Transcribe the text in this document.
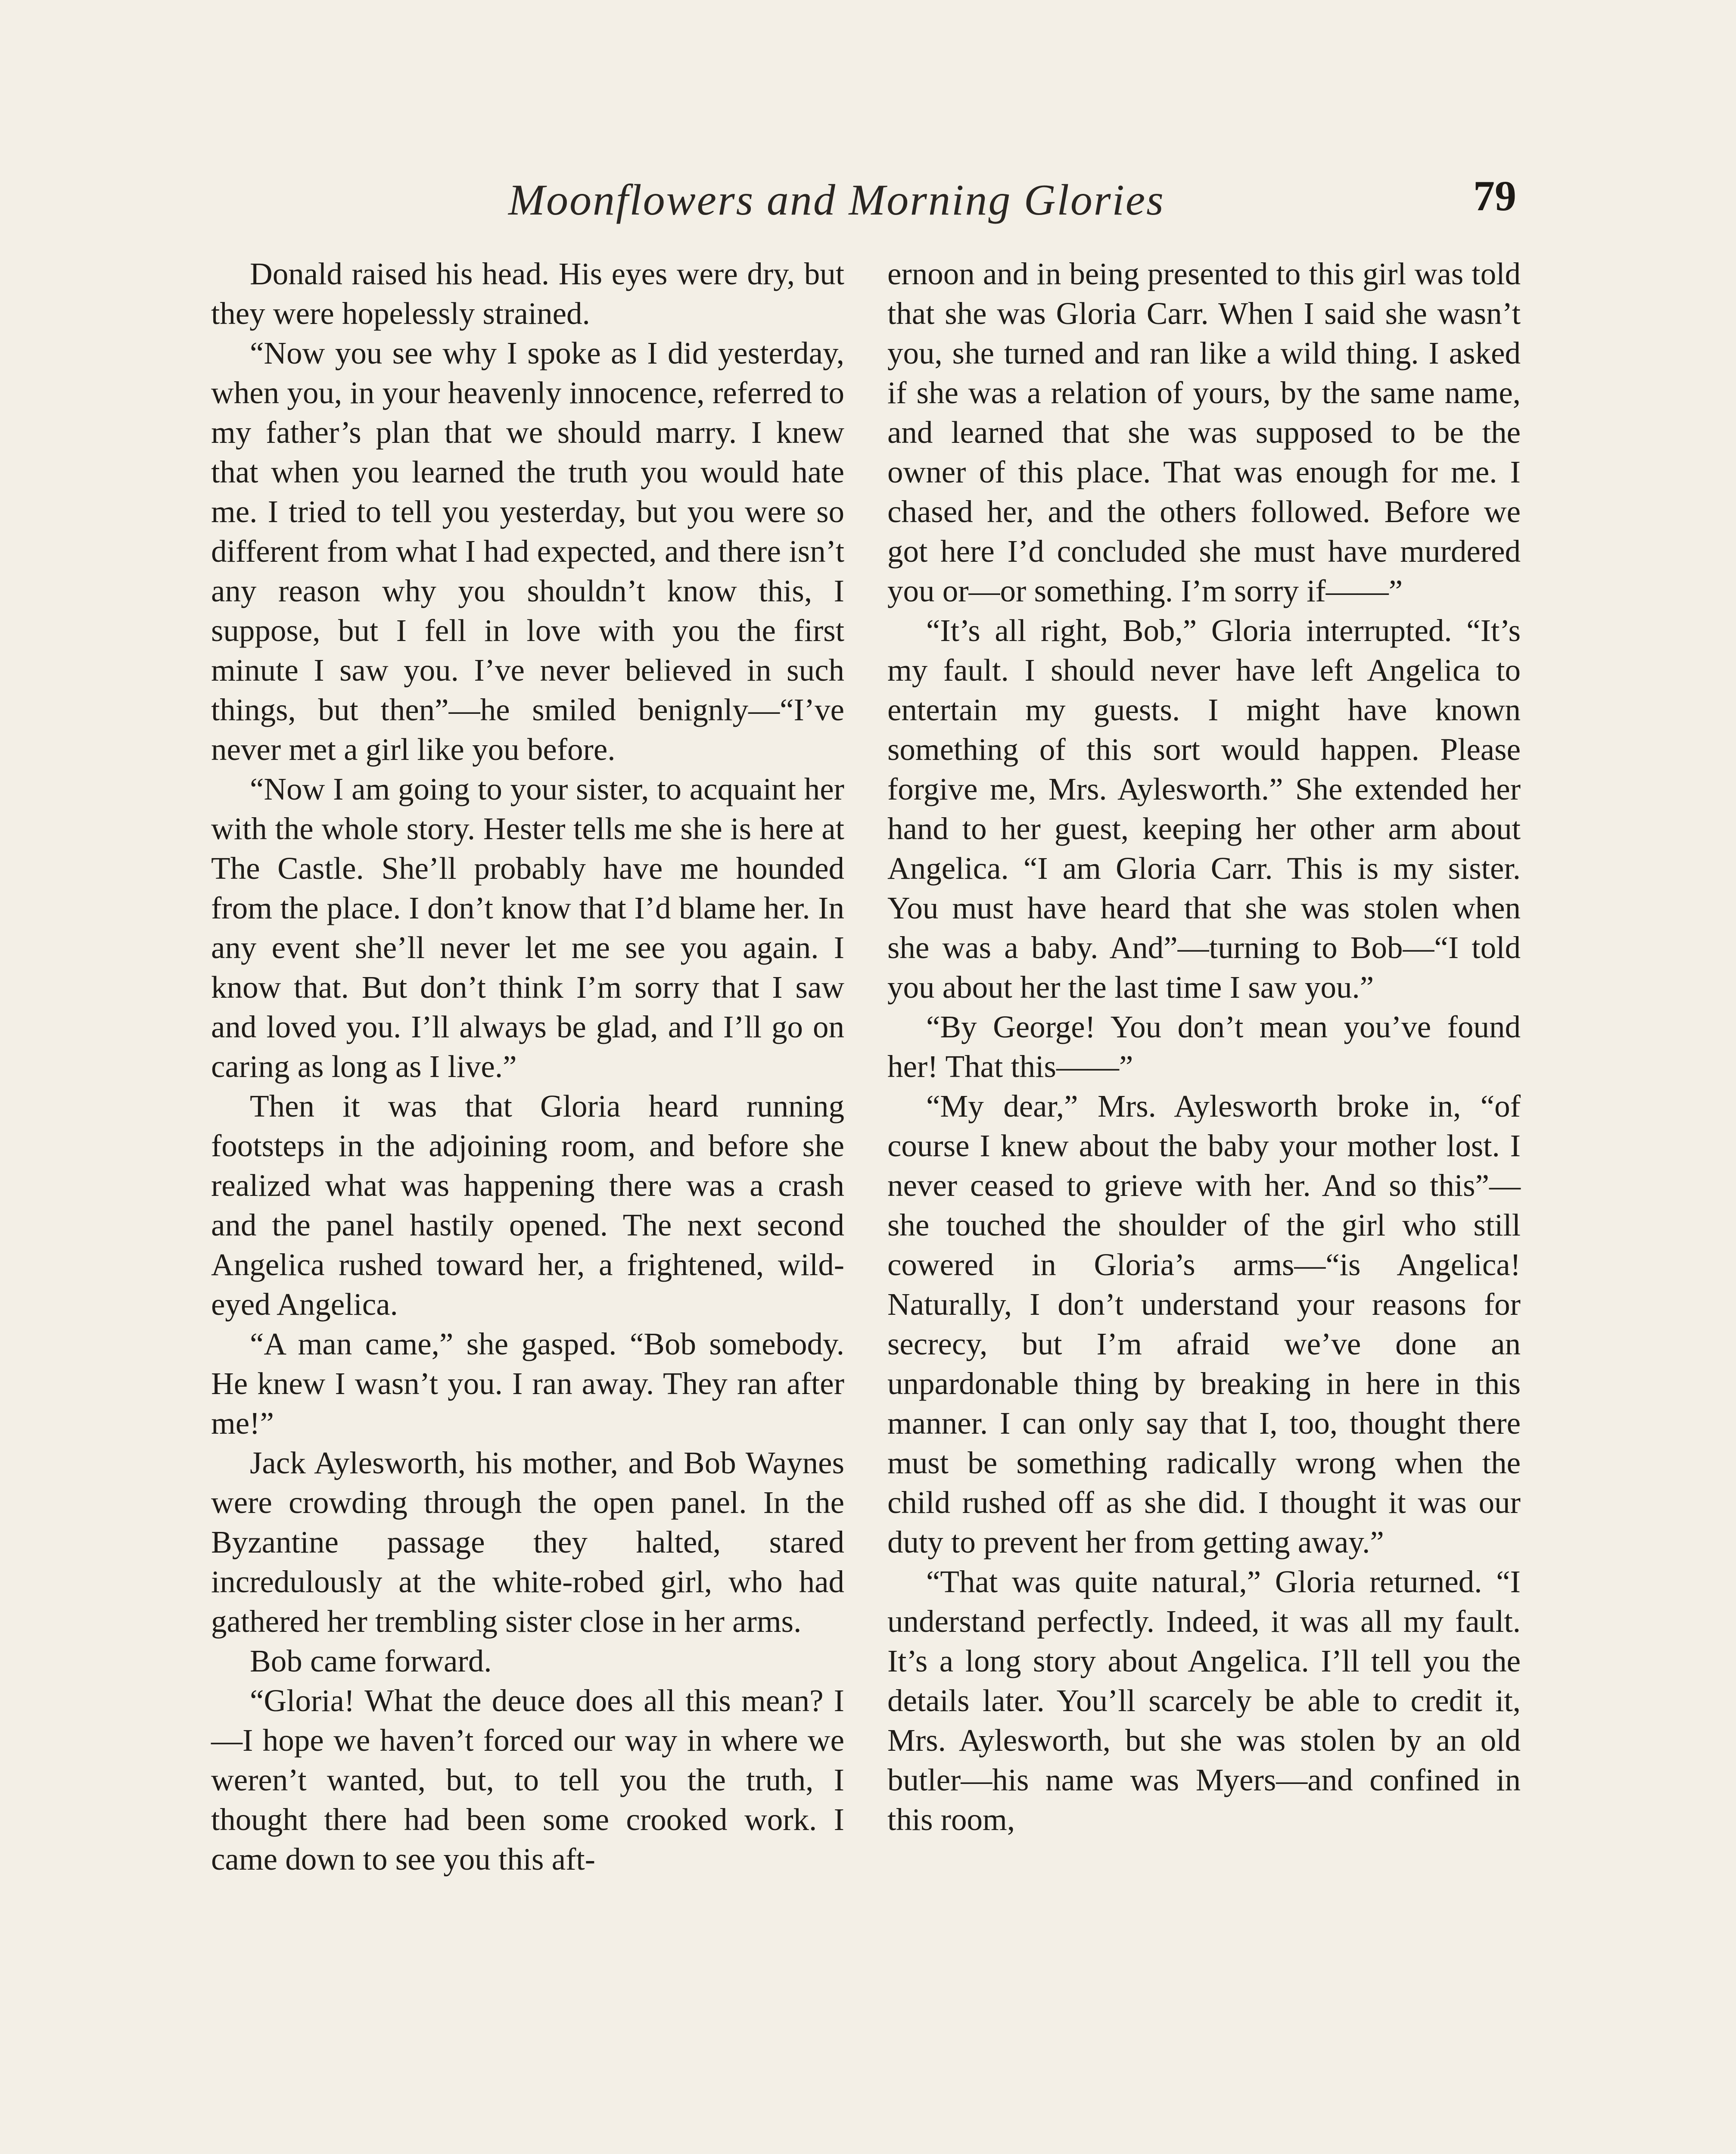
Moonflowers and Morning Glories	79

Donald raised his head. His eyes were dry, but they were hopelessly strained.

“Now you see why I spoke as I did yesterday, when you, in your heavenly innocence, referred to my father’s plan that we should marry. I knew that when you learned the truth you would hate me. I tried to tell you yesterday, but you were so different from what I had expected, and there isn’t any reason why you shouldn’t know this, I suppose, but I fell in love with you the first minute I saw you. I’ve never believed in such things, but then”—he smiled benignly—“I’ve never met a girl like you before.

“Now I am going to your sister, to acquaint her with the whole story. Hester tells me she is here at The Castle. She’ll probably have me hounded from the place. I don’t know that I’d blame her. In any event she’ll never let me see you again. I know that. But don’t think I’m sorry that I saw and loved you. I’ll always be glad, and I’ll go on caring as long as I live.”

Then it was that Gloria heard running footsteps in the adjoining room, and before she realized what was happening there was a crash and the panel hastily opened. The next second Angelica rushed toward her, a frightened, wild-eyed Angelica.

“A man came,” she gasped. “Bob somebody. He knew I wasn’t you. I ran away. They ran after me!”

Jack Aylesworth, his mother, and Bob Waynes were crowding through the open panel. In the Byzantine passage they halted, stared incredulously at the white-robed girl, who had gathered her trembling sister close in her arms.

Bob came forward.

“Gloria! What the deuce does all this mean? I—I hope we haven’t forced our way in where we weren’t wanted, but, to tell you the truth, I thought there had been some crooked work. I came down to see you this aft-

ernoon and in being presented to this girl was told that she was Gloria Carr. When I said she wasn’t you, she turned and ran like a wild thing. I asked if she was a relation of yours, by the same name, and learned that she was supposed to be the owner of this place. That was enough for me. I chased her, and the others followed. Before we got here I’d concluded she must have murdered you or—or something. I’m sorry if——”

“It’s all right, Bob,” Gloria interrupted. “It’s my fault. I should never have left Angelica to entertain my guests. I might have known something of this sort would happen. Please forgive me, Mrs. Aylesworth.” She extended her hand to her guest, keeping her other arm about Angelica. “I am Gloria Carr. This is my sister. You must have heard that she was stolen when she was a baby. And”—turning to Bob—“I told you about her the last time I saw you.”

“By George! You don’t mean you’ve found her! That this——”

“My dear,” Mrs. Aylesworth broke in, “of course I knew about the baby your mother lost. I never ceased to grieve with her. And so this”—she touched the shoulder of the girl who still cowered in Gloria’s arms—“is Angelica! Naturally, I don’t understand your reasons for secrecy, but I’m afraid we’ve done an unpardonable thing by breaking in here in this manner. I can only say that I, too, thought there must be something radically wrong when the child rushed off as she did. I thought it was our duty to prevent her from getting away.”

“That was quite natural,” Gloria returned. “I understand perfectly. Indeed, it was all my fault. It’s a long story about Angelica. I’ll tell you the details later. You’ll scarcely be able to credit it, Mrs. Aylesworth, but she was stolen by an old butler—his name was Myers—and confined in this room,
